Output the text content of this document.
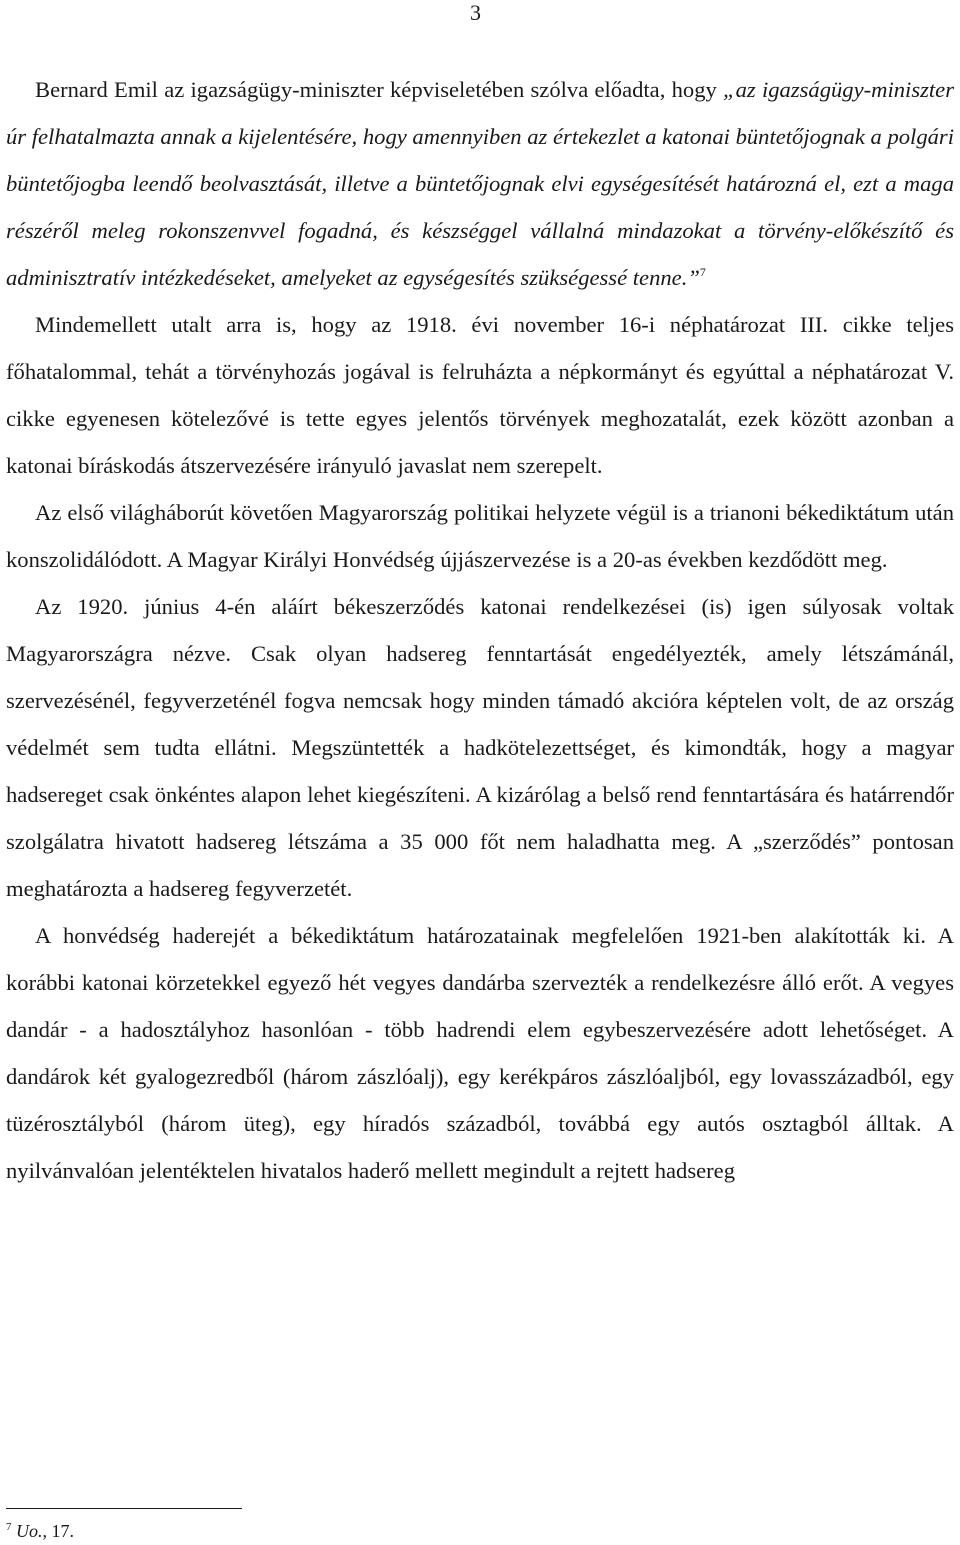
3

Bernard Emil az igazságügy-miniszter képviseletében szólva előadta, hogy „az igazságügy-miniszter úr felhatalmazta annak a kijelentésére, hogy amennyiben az értekezlet a katonai büntetőjognak a polgári büntetőjogba leendő beolvasztását, illetve a büntetőjognak elvi egységesítését határozná el, ezt a maga részéről meleg rokonszenvvel fogadná, és készséggel vállalná mindazokat a törvény-előkészítő és adminisztratív intézkedéseket, amelyeket az egységesítés szükségessé tenne.”$^7$

Mindemellett utalt arra is, hogy az 1918. évi november 16-i néphatározat III. cikke teljes főhatalommal, tehát a törvényhozás jogával is felruházta a népkormányt és egyúttal a néphatározat V. cikke egyenesen kötelezővé is tette egyes jelentős törvények meghozatalát, ezek között azonban a katonai bíráskodás átszervezésére irányuló javaslat nem szerepelt.

Az első világháborút követően Magyarország politikai helyzete végül is a trianoni békediktátum után konszolidálódott. A Magyar Királyi Honvédség újjászervezése is a 20-as években kezdődött meg.

Az 1920. június 4-én aláírt békeszerződés katonai rendelkezései (is) igen súlyosak voltak Magyarországra nézve. Csak olyan hadsereg fenntartását engedélyezték, amely létszámánál, szervezésénél, fegyverzeténél fogva nemcsak hogy minden támadó akcióra képtelen volt, de az ország védelmét sem tudta ellátni. Megszüntették a hadkötelezettséget, és kimondták, hogy a magyar hadsereget csak önkéntes alapon lehet kiegészíteni. A kizárólag a belső rend fenntartására és határrendőr szolgálatra hivatott hadsereg létszáma a 35 000 főt nem haladhatta meg. A „szerződés” pontosan meghatározta a hadsereg fegyverzetét.

A honvédség haderejét a békediktátum határozatainak megfelelően 1921-ben alakították ki. A korábbi katonai körzetekkel egyező hét vegyes dandárba szervezték a rendelkezésre álló erőt. A vegyes dandár - a hadosztályhoz hasonlóan - több hadrendi elem egybeszervezésére adott lehetőséget. A dandárok két gyalogezredből (három zászlóalj), egy kerékpáros zászlóaljból, egy lovasszázadból, egy tüzérosztályból (három üteg), egy híradós századból, továbbá egy autós osztagból álltak. A nyilvánvalóan jelentéktelen hivatalos haderő mellett megindult a rejtett hadsereg

$^7$ Uo., 17.
